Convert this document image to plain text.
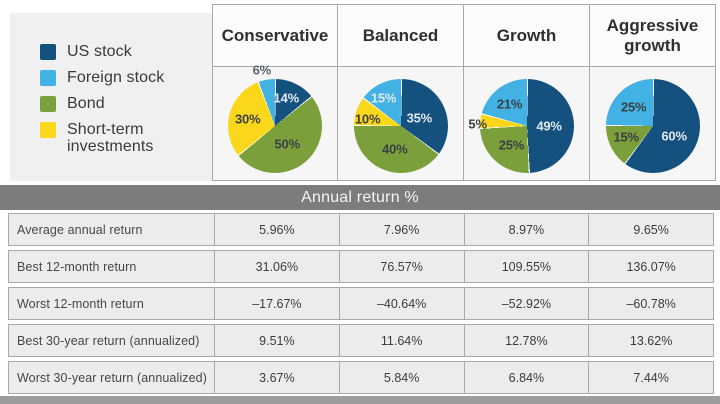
US stock
Foreign stock
Bond
Short-term investments
Conservative
14%
50%
30%
6%
Balanced
35%
40%
10%
15%
Growth
49%
25%
5%
21%
Aggressive growth
60%
15%
25%
Annual return %
Average annual return	5.96%	7.96%	8.97%	9.65%
Best 12-month return	31.06%	76.57%	109.55%	136.07%
Worst 12-month return	–17.67%	–40.64%	–52.92%	–60.78%
Best 30-year return (annualized)	9.51%	11.64%	12.78%	13.62%
Worst 30-year return (annualized)	3.67%	5.84%	6.84%	7.44%
